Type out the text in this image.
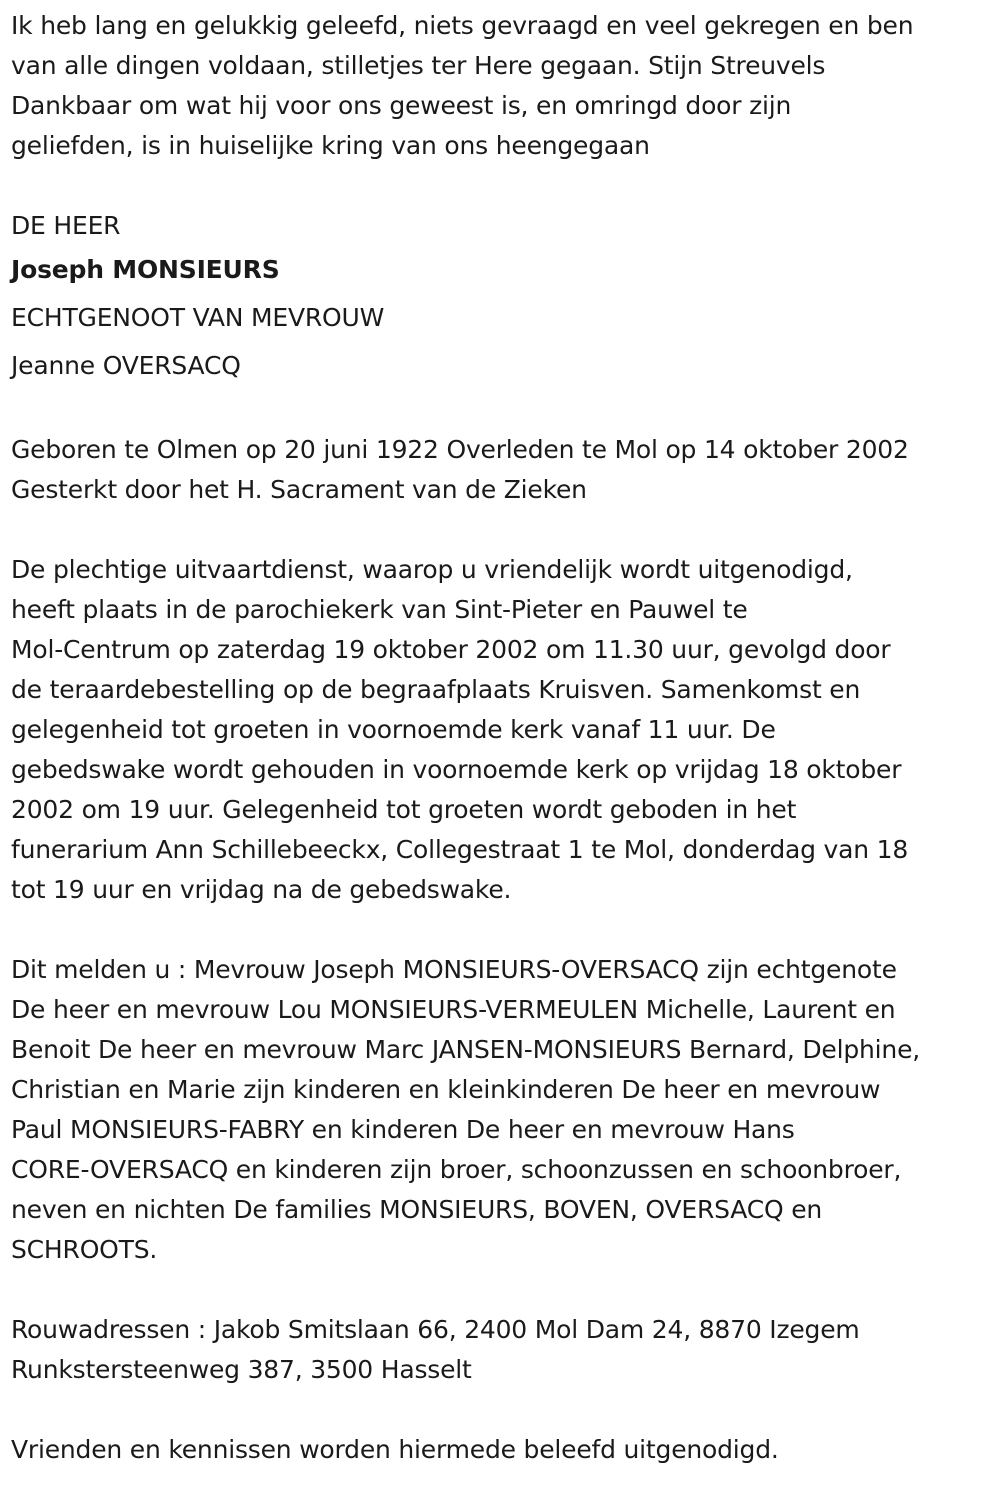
Ik heb lang en gelukkig geleefd, niets gevraagd en veel gekregen en ben
van alle dingen voldaan, stilletjes ter Here gegaan. Stijn Streuvels
Dankbaar om wat hij voor ons geweest is, en omringd door zijn
geliefden, is in huiselijke kring van ons heengegaan

DE HEER

Joseph MONSIEURS

ECHTGENOOT VAN MEVROUW

Jeanne OVERSACQ

Geboren te Olmen op 20 juni 1922 Overleden te Mol op 14 oktober 2002
Gesterkt door het H. Sacrament van de Zieken

De plechtige uitvaartdienst, waarop u vriendelijk wordt uitgenodigd,
heeft plaats in de parochiekerk van Sint-Pieter en Pauwel te
Mol-Centrum op zaterdag 19 oktober 2002 om 11.30 uur, gevolgd door
de teraardebestelling op de begraafplaats Kruisven. Samenkomst en
gelegenheid tot groeten in voornoemde kerk vanaf 11 uur. De
gebedswake wordt gehouden in voornoemde kerk op vrijdag 18 oktober
2002 om 19 uur. Gelegenheid tot groeten wordt geboden in het
funerarium Ann Schillebeeckx, Collegestraat 1 te Mol, donderdag van 18
tot 19 uur en vrijdag na de gebedswake.

Dit melden u : Mevrouw Joseph MONSIEURS-OVERSACQ zijn echtgenote
De heer en mevrouw Lou MONSIEURS-VERMEULEN Michelle, Laurent en
Benoit De heer en mevrouw Marc JANSEN-MONSIEURS Bernard, Delphine,
Christian en Marie zijn kinderen en kleinkinderen De heer en mevrouw
Paul MONSIEURS-FABRY en kinderen De heer en mevrouw Hans
CORE-OVERSACQ en kinderen zijn broer, schoonzussen en schoonbroer,
neven en nichten De families MONSIEURS, BOVEN, OVERSACQ en
SCHROOTS.

Rouwadressen : Jakob Smitslaan 66, 2400 Mol Dam 24, 8870 Izegem
Runkstersteenweg 387, 3500 Hasselt

Vrienden en kennissen worden hiermede beleefd uitgenodigd.
